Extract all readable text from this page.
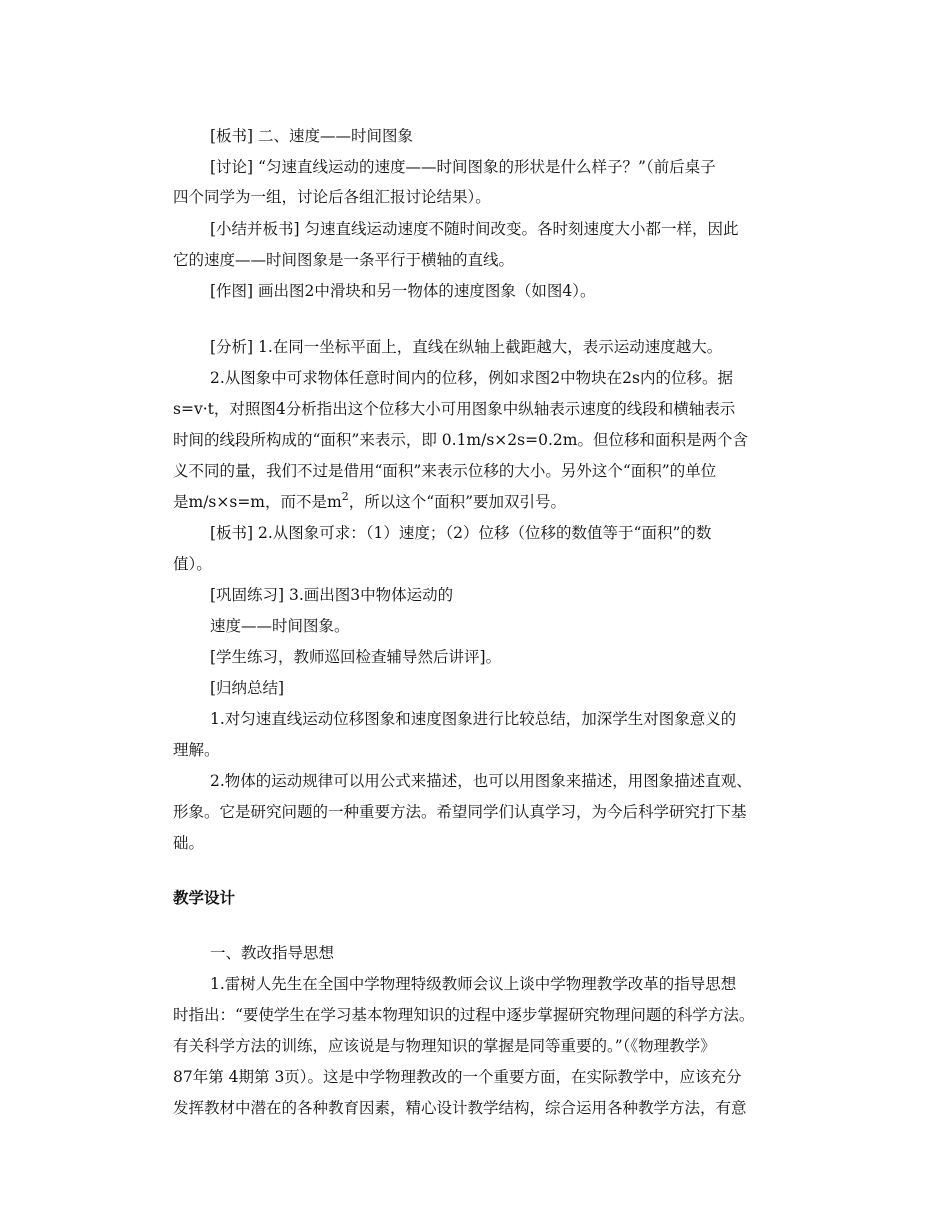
[板书] 二、速度——时间图象
[讨论] “匀速直线运动的速度——时间图象的形状是什么样子？”（前后桌子
四个同学为一组，讨论后各组汇报讨论结果）。
[小结并板书] 匀速直线运动速度不随时间改变。各时刻速度大小都一样，因此
它的速度——时间图象是一条平行于横轴的直线。
[作图] 画出图2中滑块和另一物体的速度图象（如图4）。
[分析] 1.在同一坐标平面上，直线在纵轴上截距越大，表示运动速度越大。
2.从图象中可求物体任意时间内的位移，例如求图2中物块在2s内的位移。据
s=v·t，对照图4分析指出这个位移大小可用图象中纵轴表示速度的线段和横轴表示
时间的线段所构成的“面积”来表示，即 0.1m/s×2s=0.2m。但位移和面积是两个含
义不同的量，我们不过是借用“面积”来表示位移的大小。另外这个“面积”的单位
是m/s×s=m，而不是$m^2$，所以这个“面积”要加双引号。
[板书] 2.从图象可求：（1）速度；（2）位移（位移的数值等于“面积”的数
值）。
[巩固练习] 3.画出图3中物体运动的
速度——时间图象。
[学生练习，教师巡回检查辅导然后讲评]。
[归纳总结]
1.对匀速直线运动位移图象和速度图象进行比较总结，加深学生对图象意义的
理解。
2.物体的运动规律可以用公式来描述，也可以用图象来描述，用图象描述直观、
形象。它是研究问题的一种重要方法。希望同学们认真学习，为今后科学研究打下基
础。
教学设计
一、教改指导思想
1.雷树人先生在全国中学物理特级教师会议上谈中学物理教学改革的指导思想
时指出：“要使学生在学习基本物理知识的过程中逐步掌握研究物理问题的科学方法。
有关科学方法的训练，应该说是与物理知识的掌握是同等重要的。”（《物理教学》
87年第 4期第 3页）。这是中学物理教改的一个重要方面，在实际教学中，应该充分
发挥教材中潜在的各种教育因素，精心设计教学结构，综合运用各种教学方法，有意
